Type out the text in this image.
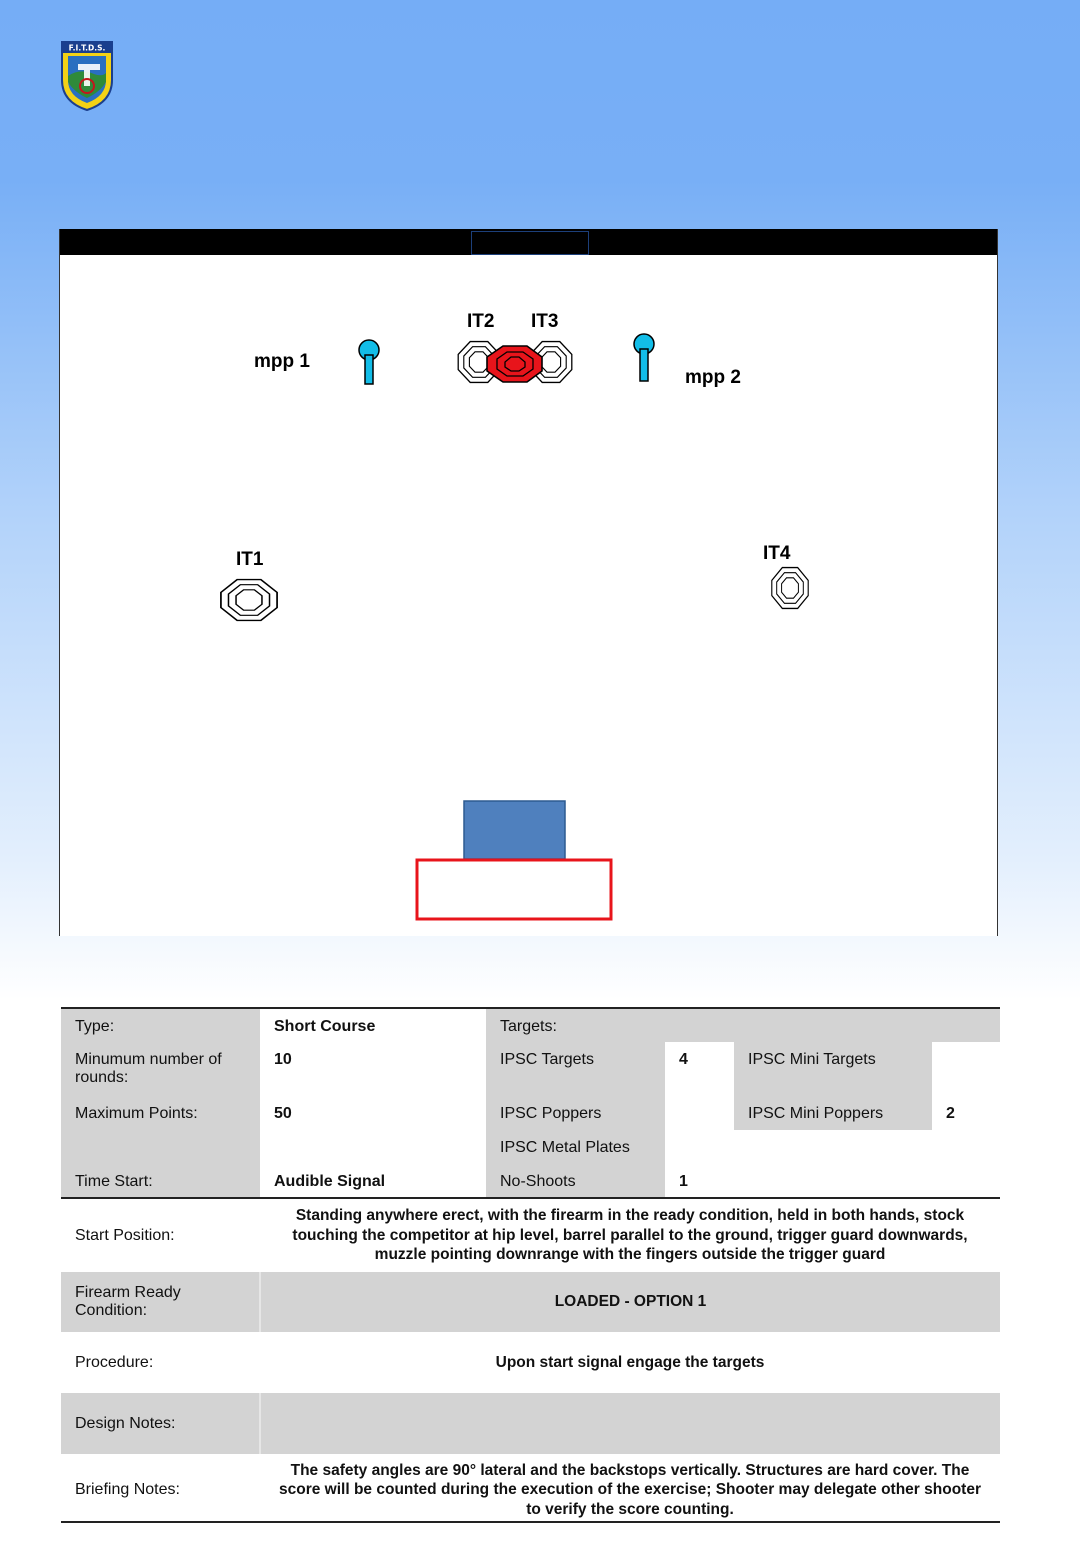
F.I.T.D.S.
IT2 IT3
mpp 1
mpp 2
IT1	IT4
Type:	Short Course	Targets:			
Minumum number of rounds:	10	IPSC Targets	4	IPSC Mini Targets	
Maximum Points:	50	IPSC Poppers		IPSC Mini Poppers	2
		IPSC Metal Plates			
Time Start:	Audible Signal	No-Shoots	1		
Start Position:	Standing anywhere erect, with the firearm in the ready condition, held in both hands, stock touching the competitor at hip level, barrel parallel to the ground, trigger guard downwards, muzzle pointing downrange with the fingers outside the trigger guard				
Firearm Ready Condition:	LOADED - OPTION 1				
Procedure:	Upon start signal engage the targets				
Design Notes:					
Briefing Notes:	The safety angles are 90° lateral and the backstops vertically. Structures are hard cover. The score will be counted during the execution of the exercise; Shooter may delegate other shooter to verify the score counting.				
